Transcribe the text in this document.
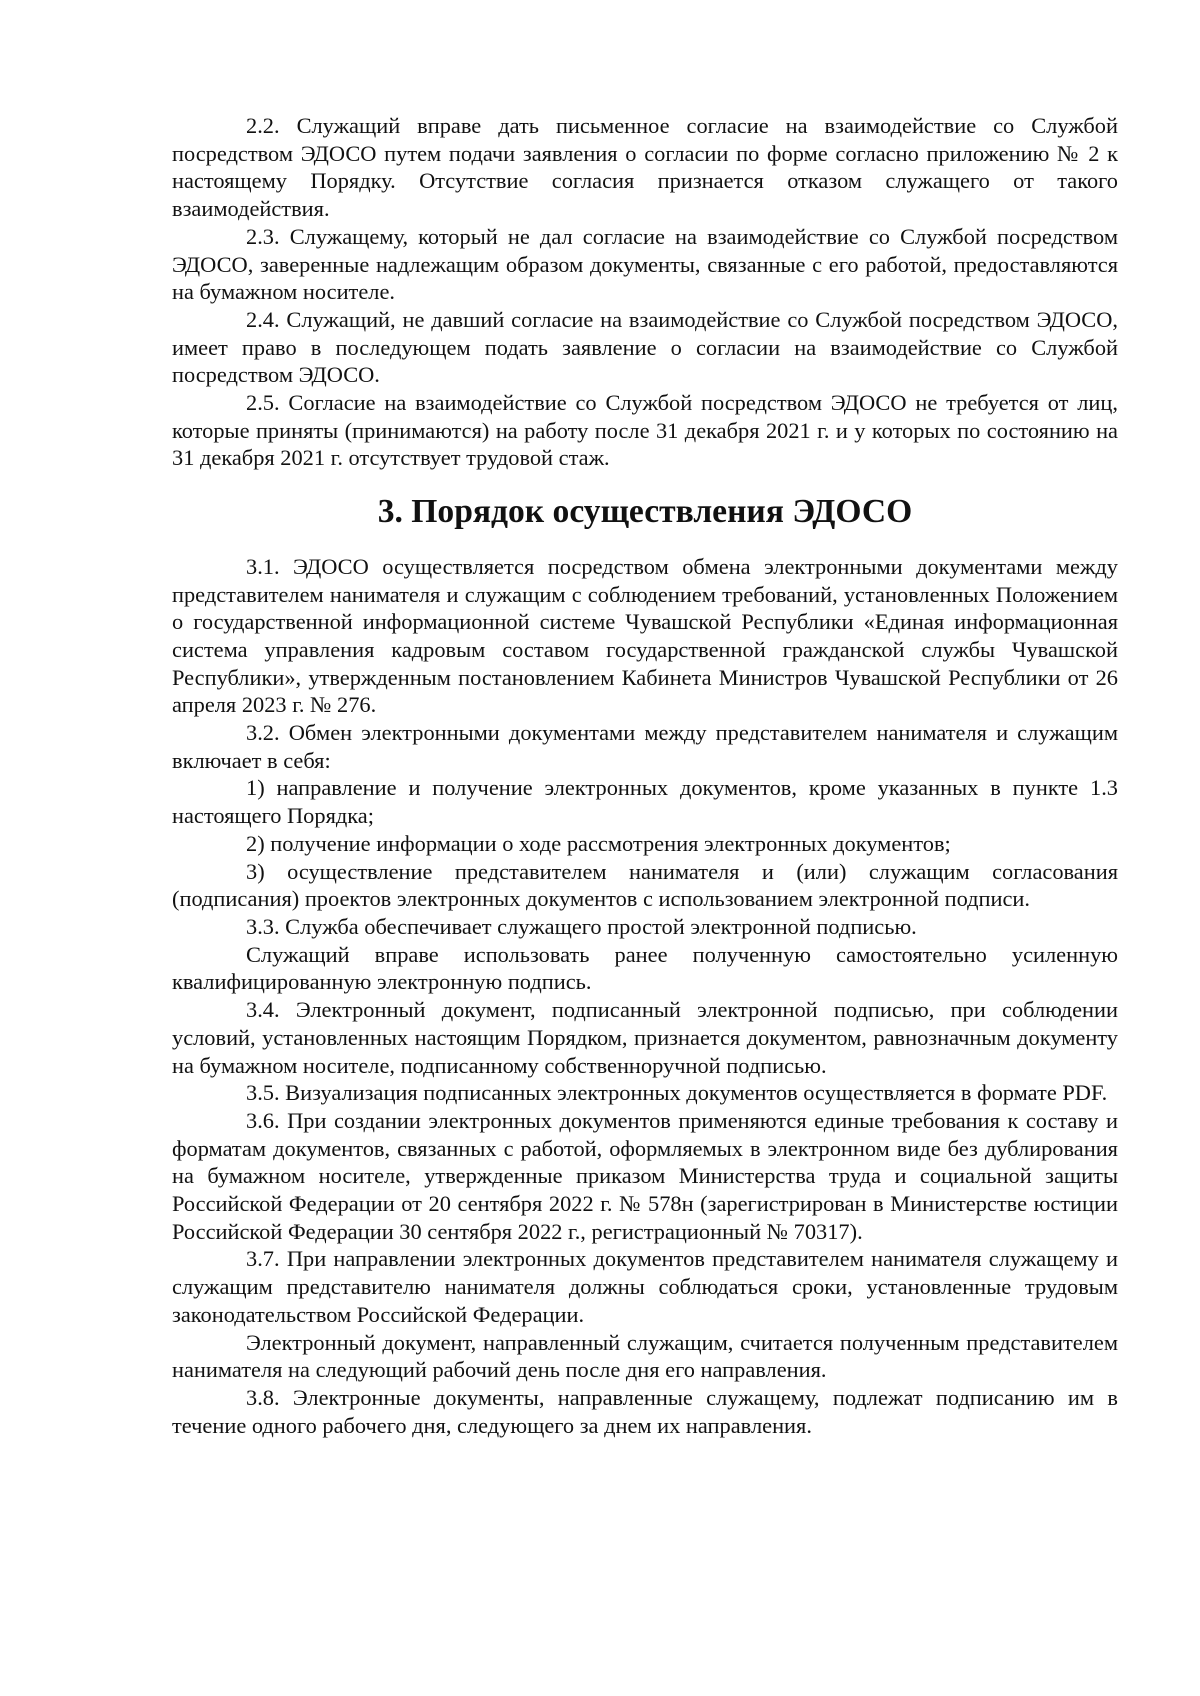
2.2. Служащий вправе дать письменное согласие на взаимодействие со Службой посредством ЭДОСО путем подачи заявления о согласии по форме согласно приложению № 2 к настоящему Порядку. Отсутствие согласия признается отказом служащего от такого взаимодействия.

2.3. Служащему, который не дал согласие на взаимодействие со Службой посредством ЭДОСО, заверенные надлежащим образом документы, связанные с его работой, предоставляются на бумажном носителе.

2.4. Служащий, не давший согласие на взаимодействие со Службой посредством ЭДОСО, имеет право в последующем подать заявление о согласии на взаимодействие со Службой посредством ЭДОСО.

2.5. Согласие на взаимодействие со Службой посредством ЭДОСО не требуется от лиц, которые приняты (принимаются) на работу после 31 декабря 2021 г. и у которых по состоянию на 31 декабря 2021 г. отсутствует трудовой стаж.

3. Порядок осуществления ЭДОСО

3.1. ЭДОСО осуществляется посредством обмена электронными документами между представителем нанимателя и служащим с соблюдением требований, установленных Положением о государственной информационной системе Чувашской Республики «Единая информационная система управления кадровым составом государственной гражданской службы Чувашской Республики», утвержденным постановлением Кабинета Министров Чувашской Республики от 26 апреля 2023 г. № 276.

3.2. Обмен электронными документами между представителем нанимателя и служащим включает в себя:

1) направление и получение электронных документов, кроме указанных в пункте 1.3 настоящего Порядка;

2) получение информации о ходе рассмотрения электронных документов;

3) осуществление представителем нанимателя и (или) служащим согласования (подписания) проектов электронных документов с использованием электронной подписи.

3.3. Служба обеспечивает служащего простой электронной подписью.

Служащий вправе использовать ранее полученную самостоятельно усиленную квалифицированную электронную подпись.

3.4. Электронный документ, подписанный электронной подписью, при соблюдении условий, установленных настоящим Порядком, признается документом, равнозначным документу на бумажном носителе, подписанному собственноручной подписью.

3.5. Визуализация подписанных электронных документов осуществляется в формате PDF.

3.6. При создании электронных документов применяются единые требования к составу и форматам документов, связанных с работой, оформляемых в электронном виде без дублирования на бумажном носителе, утвержденные приказом Министерства труда и социальной защиты Российской Федерации от 20 сентября 2022 г. № 578н (зарегистрирован в Министерстве юстиции Российской Федерации 30 сентября 2022 г., регистрационный № 70317).

3.7. При направлении электронных документов представителем нанимателя служащему и служащим представителю нанимателя должны соблюдаться сроки, установленные трудовым законодательством Российской Федерации.

Электронный документ, направленный служащим, считается полученным представителем нанимателя на следующий рабочий день после дня его направления.

3.8. Электронные документы, направленные служащему, подлежат подписанию им в течение одного рабочего дня, следующего за днем их направления.
